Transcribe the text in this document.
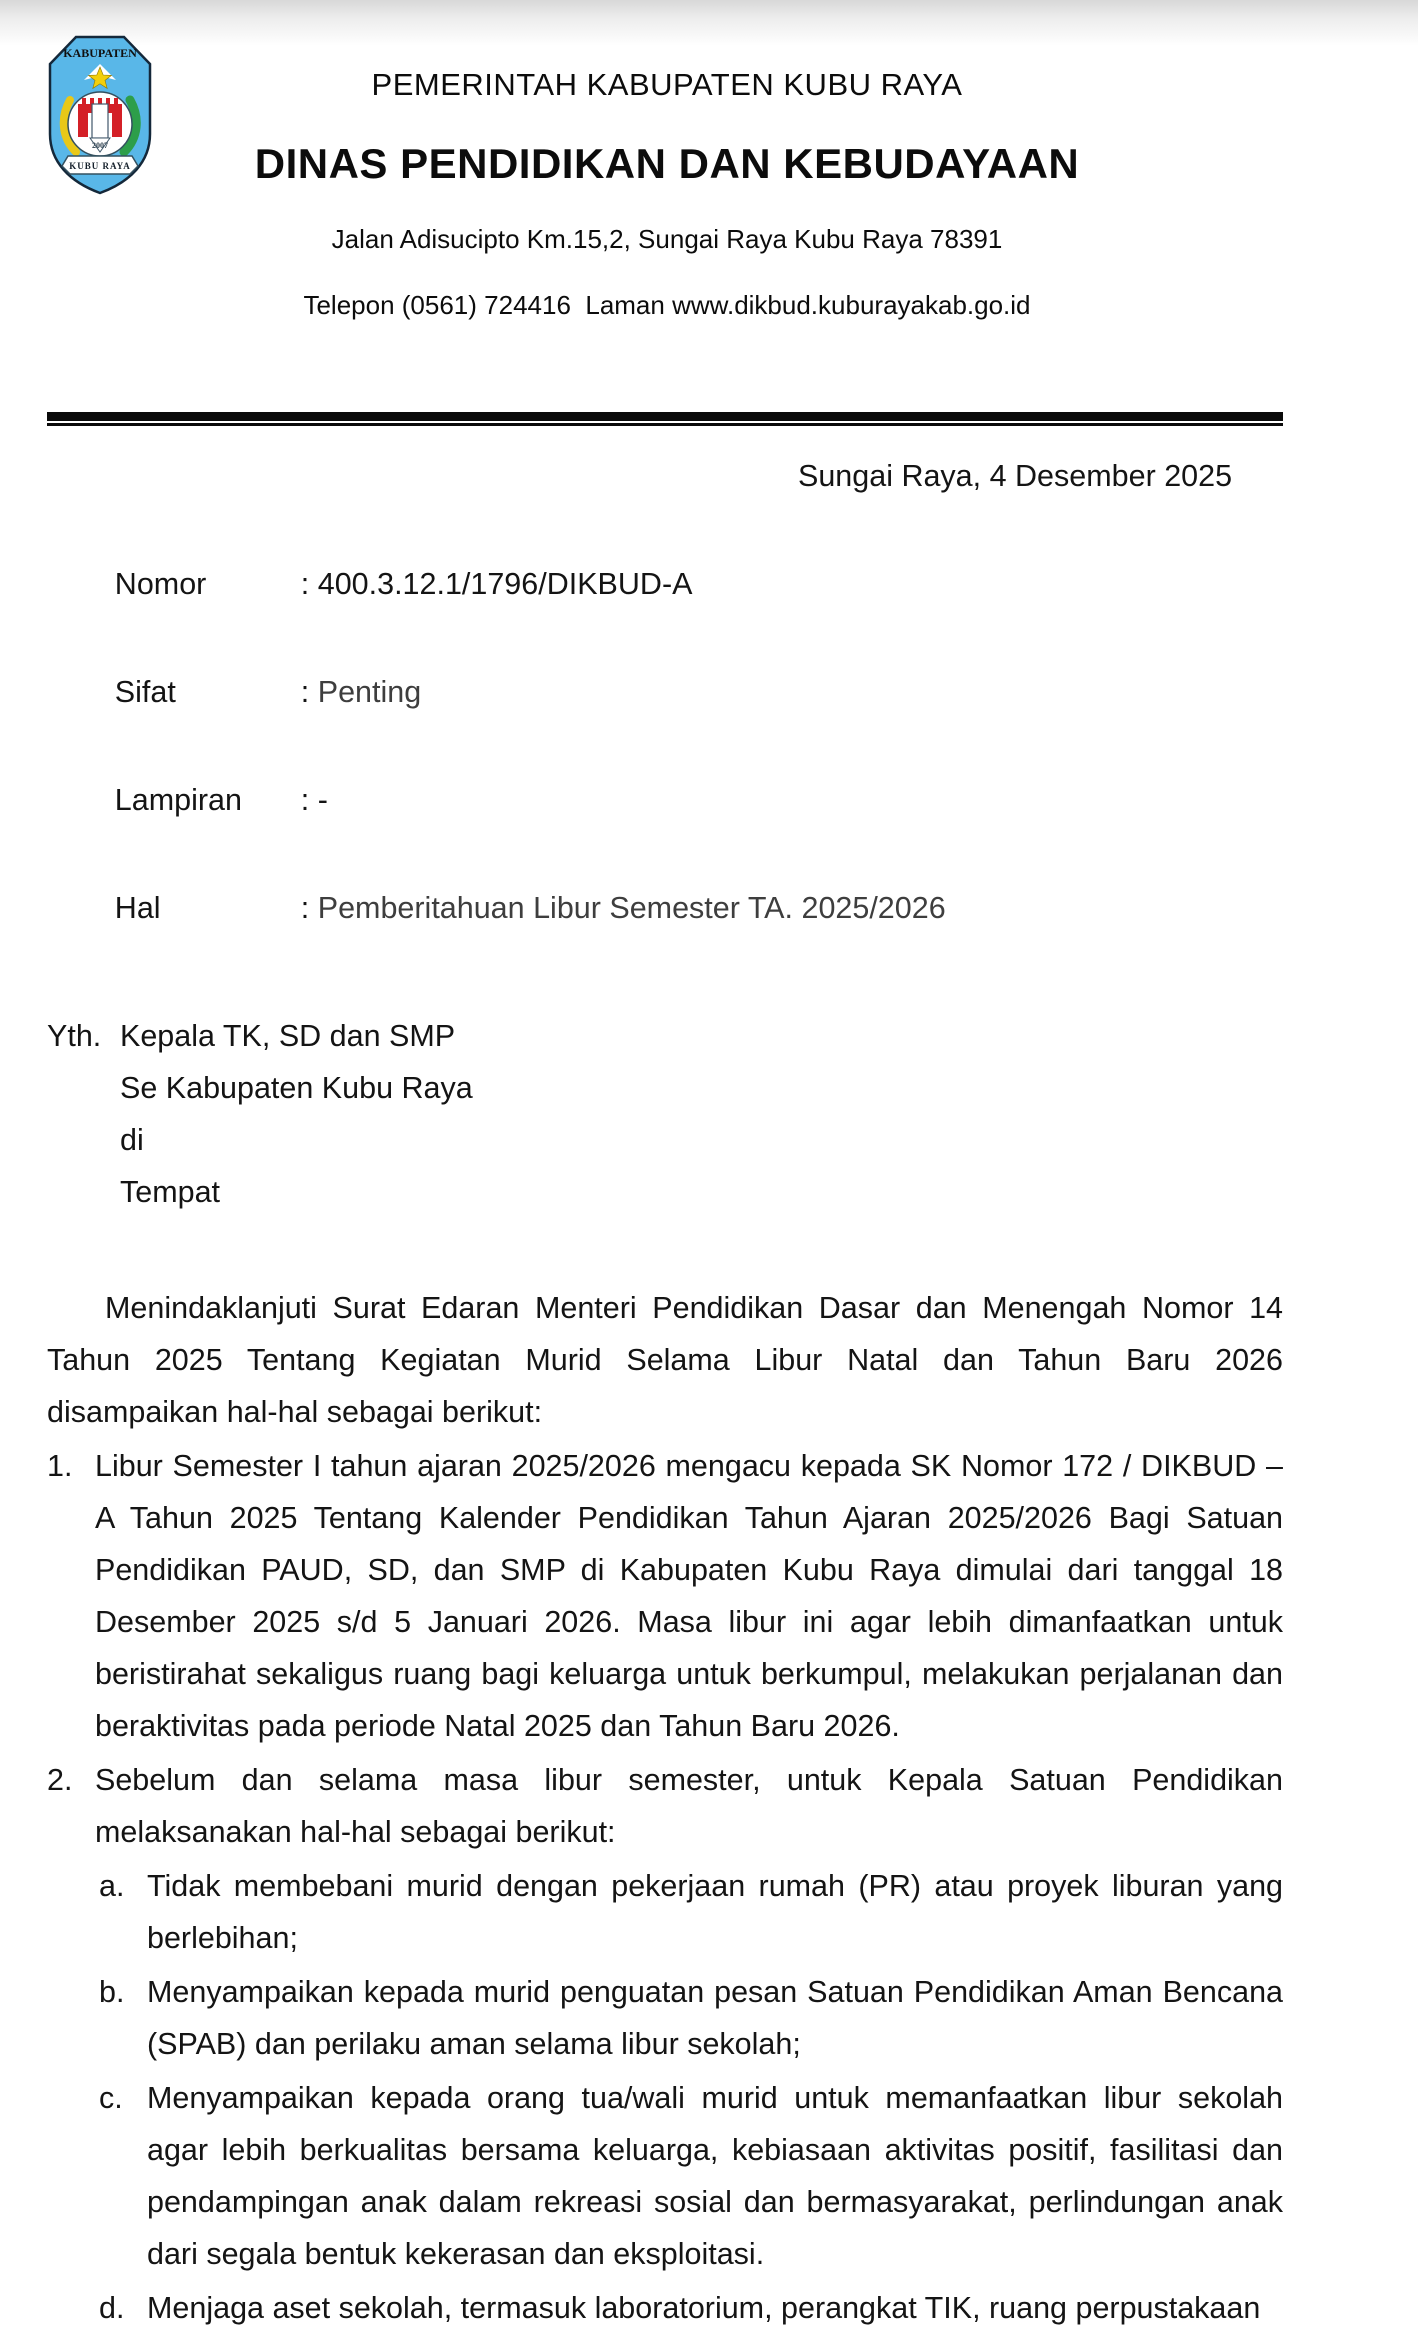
KABUPATEN
2007
KUBU RAYA

PEMERINTAH KABUPATEN KUBU RAYA

DINAS PENDIDIKAN DAN KEBUDAYAAN

Jalan Adisucipto Km.15,2, Sungai Raya Kubu Raya 78391

Telepon (0561) 724416  Laman www.dikbud.kuburayakab.go.id

Sungai Raya, 4 Desember 2025

Nomor	: 400.3.12.1/1796/DIKBUD-A

Sifat	: Penting

Lampiran : -

Hal	: Pemberitahuan Libur Semester TA. 2025/2026

Yth. Kepala TK, SD dan SMP
Se Kabupaten Kubu Raya
di
Tempat
Menindaklanjuti Surat Edaran Menteri Pendidikan Dasar dan Menengah Nomor 14 Tahun 2025 Tentang Kegiatan Murid Selama Libur Natal dan Tahun Baru 2026 disampaikan hal-hal sebagai berikut:
1. Libur Semester I tahun ajaran 2025/2026 mengacu kepada SK Nomor 172 / DIKBUD – A Tahun 2025 Tentang Kalender Pendidikan Tahun Ajaran 2025/2026 Bagi Satuan Pendidikan PAUD, SD, dan SMP di Kabupaten Kubu Raya dimulai dari tanggal 18 Desember 2025 s/d 5 Januari 2026. Masa libur ini agar lebih dimanfaatkan untuk beristirahat sekaligus ruang bagi keluarga untuk berkumpul, melakukan perjalanan dan beraktivitas pada periode Natal 2025 dan Tahun Baru 2026.
2. Sebelum dan selama masa libur semester, untuk Kepala Satuan Pendidikan melaksanakan hal-hal sebagai berikut:
a. Tidak membebani murid dengan pekerjaan rumah (PR) atau proyek liburan yang berlebihan;
b. Menyampaikan kepada murid penguatan pesan Satuan Pendidikan Aman Bencana (SPAB) dan perilaku aman selama libur sekolah;
c. Menyampaikan kepada orang tua/wali murid untuk memanfaatkan libur sekolah agar lebih berkualitas bersama keluarga, kebiasaan aktivitas positif, fasilitasi dan pendampingan anak dalam rekreasi sosial dan bermasyarakat, perlindungan anak dari segala bentuk kekerasan dan eksploitasi.
d. Menjaga aset sekolah, termasuk laboratorium, perangkat TIK, ruang perpustakaan
